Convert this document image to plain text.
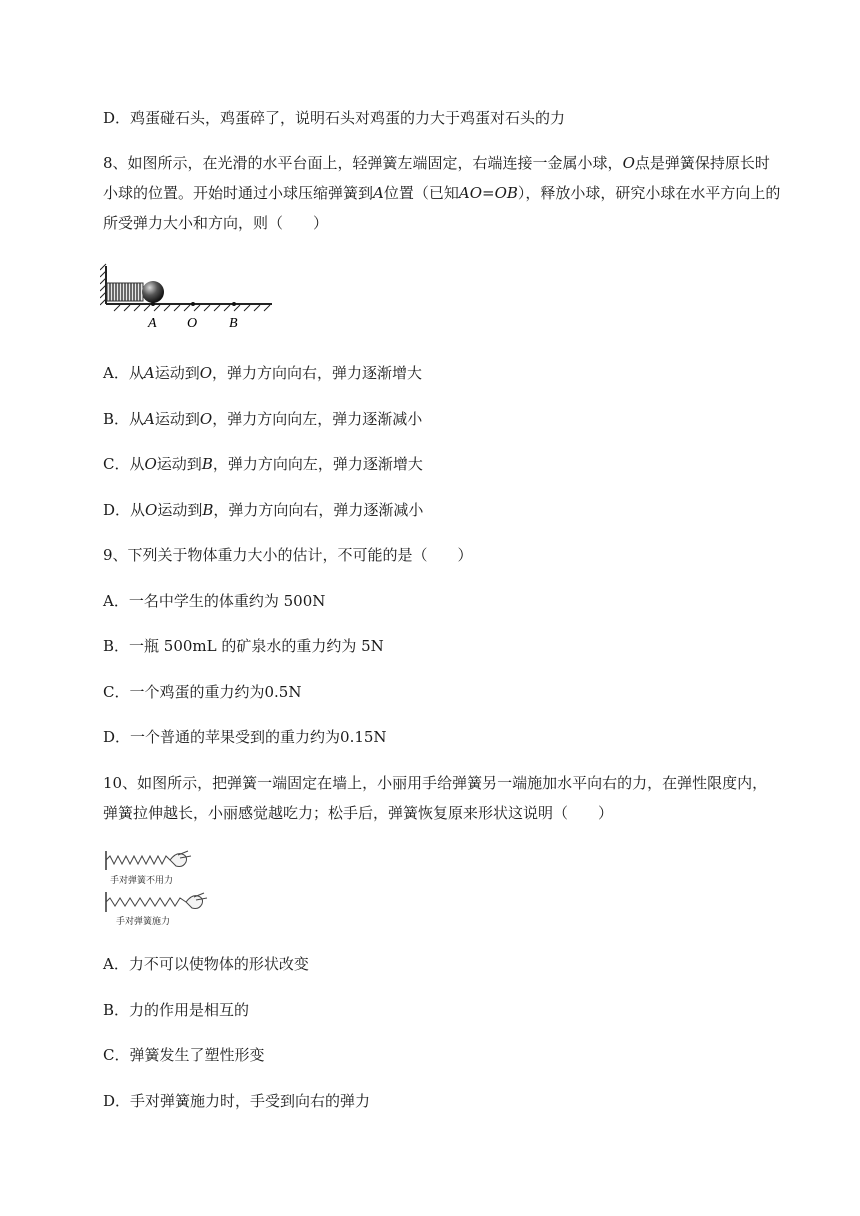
D．鸡蛋碰石头，鸡蛋碎了，说明石头对鸡蛋的力大于鸡蛋对石头的力
8、如图所示，在光滑的水平台面上，轻弹簧左端固定，右端连接一金属小球，O点是弹簧保持原长时
小球的位置。开始时通过小球压缩弹簧到A位置（已知AO=OB），释放小球，研究小球在水平方向上的
所受弹力大小和方向，则（　　）
A O B
A．从A运动到O，弹力方向向右，弹力逐渐增大
B．从A运动到O，弹力方向向左，弹力逐渐减小
C．从O运动到B，弹力方向向左，弹力逐渐增大
D．从O运动到B，弹力方向向右，弹力逐渐减小
9、下列关于物体重力大小的估计，不可能的是（　　）
A．一名中学生的体重约为 500N
B．一瓶 500mL 的矿泉水的重力约为 5N
C．一个鸡蛋的重力约为0.5N
D．一个普通的苹果受到的重力约为0.15N
10、如图所示，把弹簧一端固定在墙上，小丽用手给弹簧另一端施加水平向右的力，在弹性限度内，
弹簧拉伸越长，小丽感觉越吃力；松手后，弹簧恢复原来形状这说明（　　）
手对弹簧不用力
手对弹簧施力
A．力不可以使物体的形状改变
B．力的作用是相互的
C．弹簧发生了塑性形变
D．手对弹簧施力时，手受到向右的弹力
